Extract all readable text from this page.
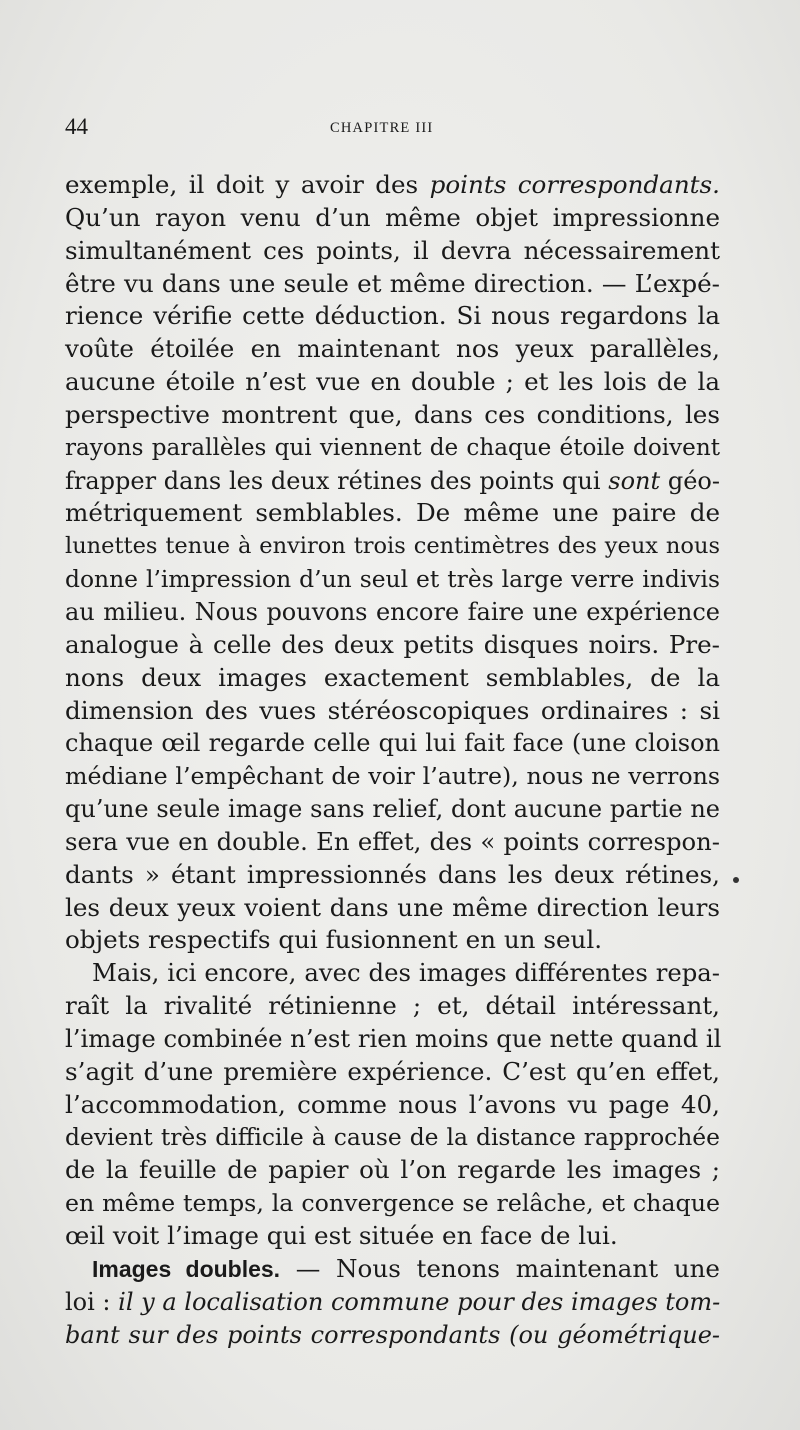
44	CHAPITRE III
exemple, il doit y avoir des points correspondants.
Qu’un rayon venu d’un même objet impressionne
simultanément ces points, il devra nécessairement
être vu dans une seule et même direction. — L’expé-
rience vérifie cette déduction. Si nous regardons la
voûte étoilée en maintenant nos yeux parallèles,
aucune étoile n’est vue en double ; et les lois de la
perspective montrent que, dans ces conditions, les
rayons parallèles qui viennent de chaque étoile doivent
frapper dans les deux rétines des points qui sont géo-
métriquement semblables. De même une paire de
lunettes tenue à environ trois centimètres des yeux nous
donne l’impression d’un seul et très large verre indivis
au milieu. Nous pouvons encore faire une expérience
analogue à celle des deux petits disques noirs. Pre-
nons deux images exactement semblables, de la
dimension des vues stéréoscopiques ordinaires : si
chaque œil regarde celle qui lui fait face (une cloison
médiane l’empêchant de voir l’autre), nous ne verrons
qu’une seule image sans relief, dont aucune partie ne
sera vue en double. En effet, des « points correspon-
dants » étant impressionnés dans les deux rétines,
les deux yeux voient dans une même direction leurs
objets respectifs qui fusionnent en un seul.
Mais, ici encore, avec des images différentes repa-
raît la rivalité rétinienne ; et, détail intéressant,
l’image combinée n’est rien moins que nette quand il
s’agit d’une première expérience. C’est qu’en effet,
l’accommodation, comme nous l’avons vu page 40,
devient très difficile à cause de la distance rapprochée
de la feuille de papier où l’on regarde les images ;
en même temps, la convergence se relâche, et chaque
œil voit l’image qui est située en face de lui.
Images doubles. — Nous tenons maintenant une
loi : il y a localisation commune pour des images tom-
bant sur des points correspondants (ou géométrique-
